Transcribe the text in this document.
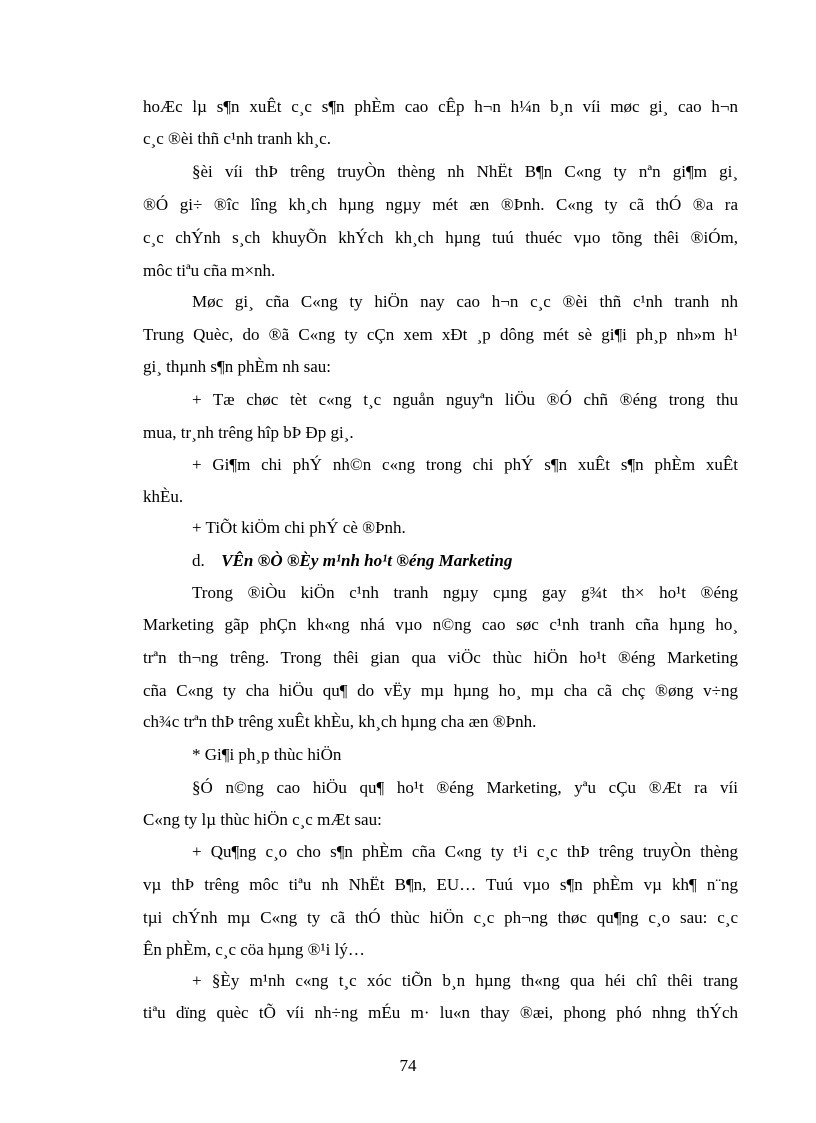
hoÆc lµ s¶n xuÊt c¸c s¶n phÈm cao cÊp h¬n h¼n b¸n víi møc gi¸ cao h¬n
c¸c ®èi thñ c¹nh tranh kh¸c.
§èi víi thÞ trêng truyÒn thèng nh NhËt B¶n C«ng ty nªn gi¶m gi¸
®Ó gi÷ ®îc lîng kh¸ch hµng ngµy mét æn ®Þnh. C«ng ty cã thÓ ®a ra
c¸c chÝnh s¸ch khuyÕn khÝch kh¸ch hµng tuú thuéc vµo tõng thêi ®iÓm,
môc tiªu cña m×nh.
Møc gi¸ cña C«ng ty hiÖn nay cao h¬n c¸c ®èi thñ c¹nh tranh nh
Trung Quèc, do ®ã C«ng ty cÇn xem xÐt ¸p dông mét sè gi¶i ph¸p nh»m h¹
gi¸ thµnh s¶n phÈm nh sau:
+ Tæ chøc tèt c«ng t¸c nguån nguyªn liÖu ®Ó chñ ®éng trong thu
mua, tr¸nh trêng hîp bÞ Ðp gi¸.
+ Gi¶m chi phÝ nh©n c«ng trong chi phÝ s¶n xuÊt s¶n phÈm xuÊt
khÈu.
+ TiÕt kiÖm chi phÝ cè ®Þnh.
d. VÊn ®Ò ®Èy m¹nh ho¹t ®éng Marketing
Trong ®iÒu kiÖn c¹nh tranh ngµy cµng gay g¾t th× ho¹t ®éng
Marketing gãp phÇn kh«ng nhá vµo n©ng cao søc c¹nh tranh cña hµng ho¸
trªn th¬ng trêng. Trong thêi gian qua viÖc thùc hiÖn ho¹t ®éng Marketing
cña C«ng ty cha hiÖu qu¶ do vËy mµ hµng ho¸ mµ cha cã chç ®øng v÷ng
ch¾c trªn thÞ trêng xuÊt khÈu, kh¸ch hµng cha æn ®Þnh.
* Gi¶i ph¸p thùc hiÖn
§Ó n©ng cao hiÖu qu¶ ho¹t ®éng Marketing, yªu cÇu ®Æt ra víi
C«ng ty lµ thùc hiÖn c¸c mÆt sau:
+ Qu¶ng c¸o cho s¶n phÈm cña C«ng ty t¹i c¸c thÞ trêng truyÒn thèng
vµ thÞ trêng môc tiªu nh NhËt B¶n, EU… Tuú vµo s¶n phÈm vµ kh¶ n¨ng
tµi chÝnh mµ C«ng ty cã thÓ thùc hiÖn c¸c ph¬ng thøc qu¶ng c¸o sau: c¸c
Ên phÈm, c¸c cöa hµng ®¹i lý…
+ §Èy m¹nh c«ng t¸c xóc tiÕn b¸n hµng th«ng qua héi chî thêi trang
tiªu dïng quèc tÕ víi nh÷ng mÉu m· lu«n thay ®æi, phong phó nhng thÝch
74
